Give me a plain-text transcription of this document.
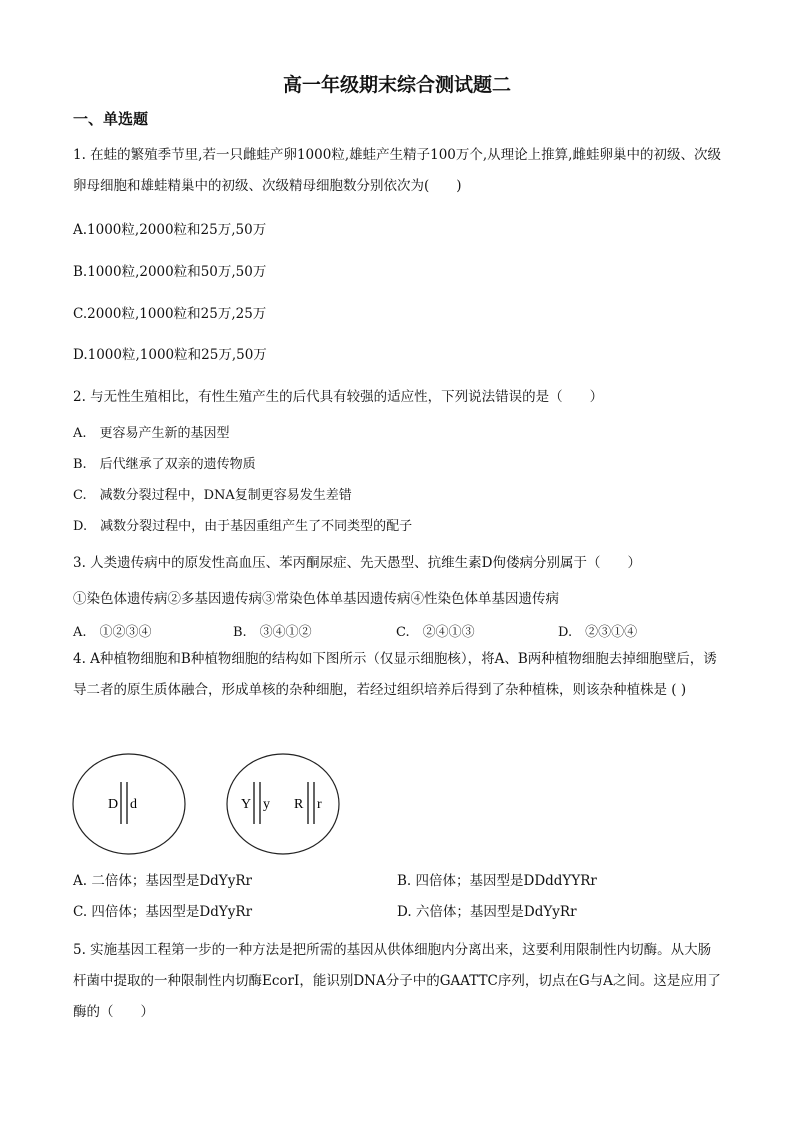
高一年级期末综合测试题二
一、单选题
1. 在蛙的繁殖季节里,若一只雌蛙产卵1000粒,雄蛙产生精子100万个,从理论上推算,雌蛙卵巢中的初级、次级卵母细胞和雄蛙精巢中的初级、次级精母细胞数分别依次为(　　)
A.1000粒,2000粒和25万,50万
B.1000粒,2000粒和50万,50万
C.2000粒,1000粒和25万,25万
D.1000粒,1000粒和25万,50万
2. 与无性生殖相比，有性生殖产生的后代具有较强的适应性，下列说法错误的是（　　）
A.　更容易产生新的基因型
B.　后代继承了双亲的遗传物质
C.　减数分裂过程中，DNA复制更容易发生差错
D.　减数分裂过程中，由于基因重组产生了不同类型的配子
3. 人类遗传病中的原发性高血压、苯丙酮尿症、先天愚型、抗维生素D佝偻病分别属于（　　）
①染色体遗传病②多基因遗传病③常染色体单基因遗传病④性染色体单基因遗传病
A.　①②③④	B.　③④①②	C.　②④①③	D.　②③①④
4. A种植物细胞和B种植物细胞的结构如下图所示（仅显示细胞核），将A、B两种植物细胞去掉细胞壁后，诱导二者的原生质体融合，形成单核的杂种细胞，若经过组织培养后得到了杂种植株，则该杂种植株是 ( )
D d	Y y R r
A. 二倍体；基因型是DdYyRr	B. 四倍体；基因型是DDddYYRr
C. 四倍体；基因型是DdYyRr	D. 六倍体；基因型是DdYyRr
5. 实施基因工程第一步的一种方法是把所需的基因从供体细胞内分离出来，这要利用限制性内切酶。从大肠杆菌中提取的一种限制性内切酶EcorI，能识别DNA分子中的GAATTC序列，切点在G与A之间。这是应用了酶的（　　）
